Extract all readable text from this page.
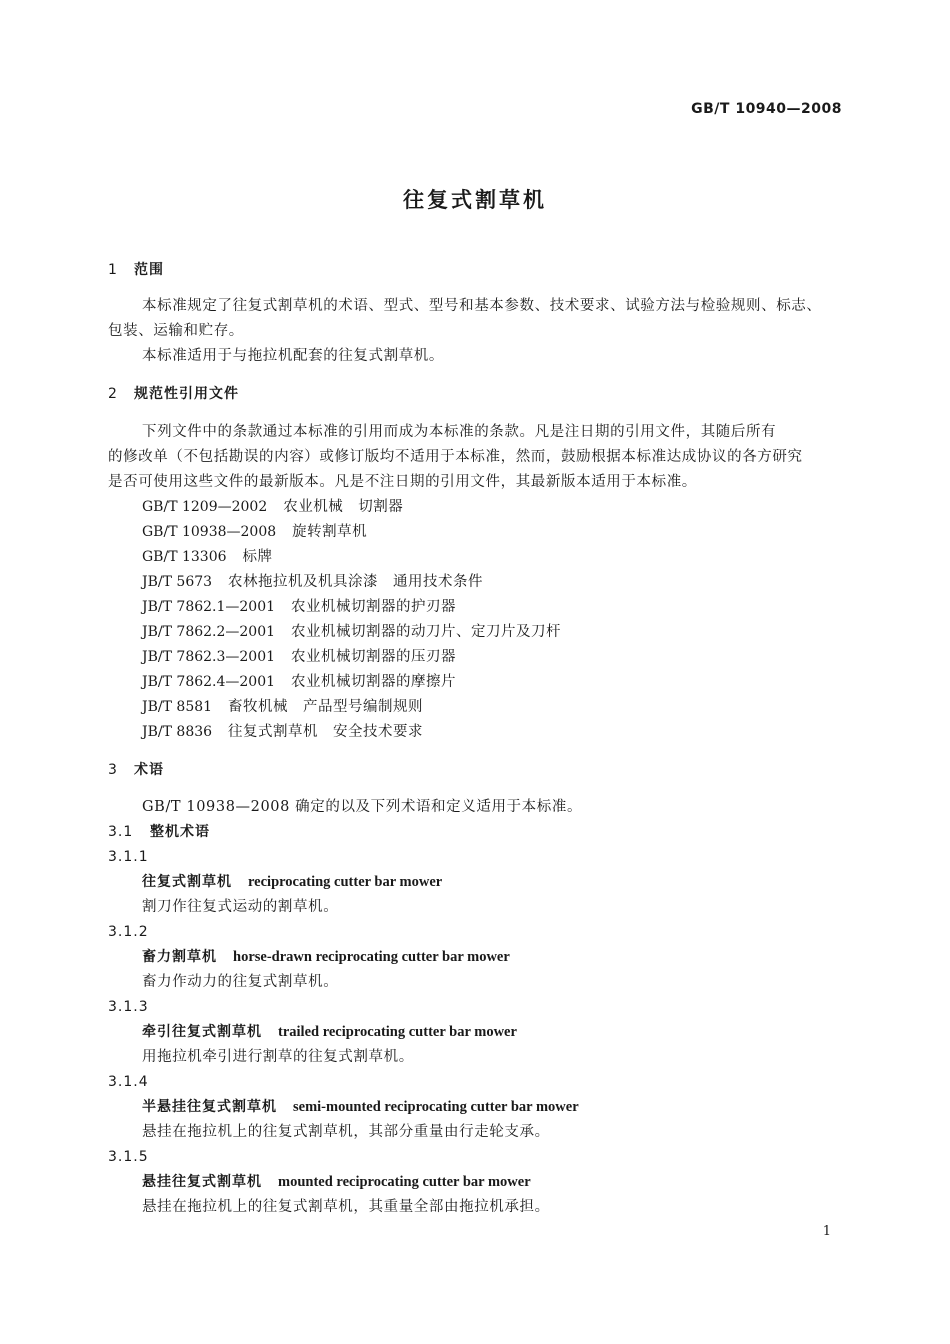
GB/T 10940—2008
往复式割草机
1 范围
本标准规定了往复式割草机的术语、型式、型号和基本参数、技术要求、试验方法与检验规则、标志、
包装、运输和贮存。
本标准适用于与拖拉机配套的往复式割草机。
2 规范性引用文件
下列文件中的条款通过本标准的引用而成为本标准的条款。凡是注日期的引用文件，其随后所有
的修改单（不包括勘误的内容）或修订版均不适用于本标准，然而，鼓励根据本标准达成协议的各方研究
是否可使用这些文件的最新版本。凡是不注日期的引用文件，其最新版本适用于本标准。
GB/T 1209—2002 农业机械　切割器
GB/T 10938—2008 旋转割草机
GB/T 13306 标牌
JB/T 5673 农林拖拉机及机具涂漆　通用技术条件
JB/T 7862.1—2001 农业机械切割器的护刃器
JB/T 7862.2—2001 农业机械切割器的动刀片、定刀片及刀杆
JB/T 7862.3—2001 农业机械切割器的压刃器
JB/T 7862.4—2001 农业机械切割器的摩擦片
JB/T 8581 畜牧机械　产品型号编制规则
JB/T 8836 往复式割草机　安全技术要求
3 术语
GB/T 10938—2008 确定的以及下列术语和定义适用于本标准。
3.1 整机术语
3.1.1
往复式割草机 reciprocating cutter bar mower
割刀作往复式运动的割草机。
3.1.2
畜力割草机 horse-drawn reciprocating cutter bar mower
畜力作动力的往复式割草机。
3.1.3
牵引往复式割草机 trailed reciprocating cutter bar mower
用拖拉机牵引进行割草的往复式割草机。
3.1.4
半悬挂往复式割草机 semi-mounted reciprocating cutter bar mower
悬挂在拖拉机上的往复式割草机，其部分重量由行走轮支承。
3.1.5
悬挂往复式割草机 mounted reciprocating cutter bar mower
悬挂在拖拉机上的往复式割草机，其重量全部由拖拉机承担。
1
